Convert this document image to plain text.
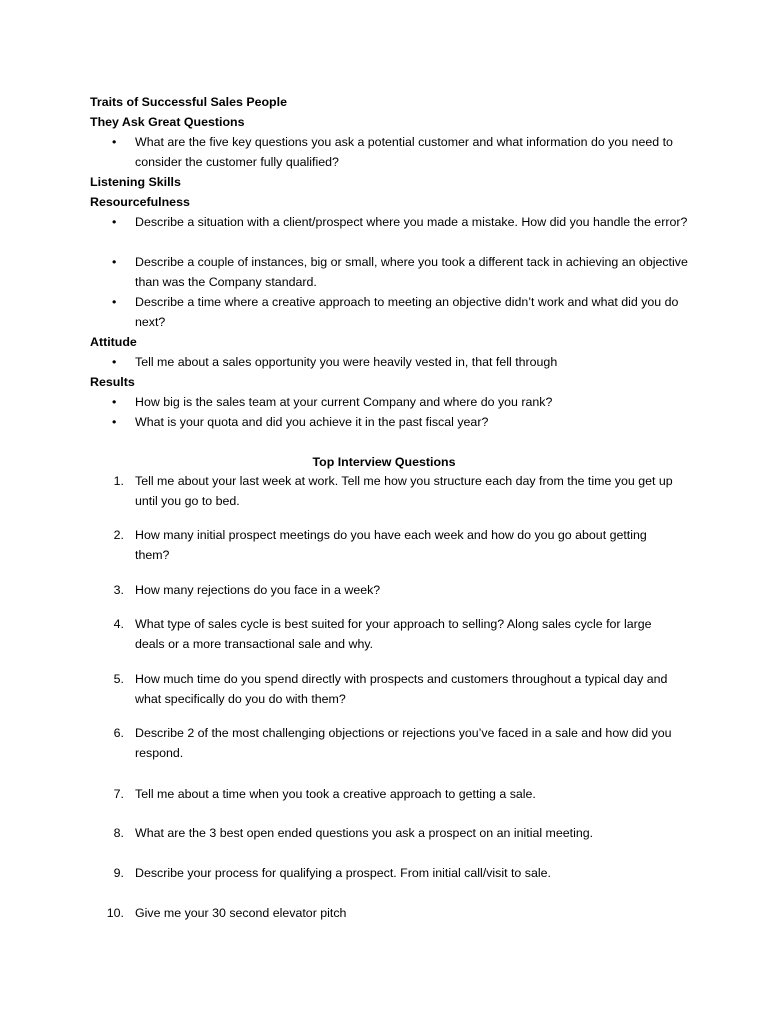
Traits of Successful Sales People
They Ask Great Questions
• What are the five key questions you ask a potential customer and what information do you need to consider the customer fully qualified?
Listening Skills
Resourcefulness
• Describe a situation with a client/prospect where you made a mistake. How did you handle the error?
• Describe a couple of instances, big or small, where you took a different tack in achieving an objective than was the Company standard.
• Describe a time where a creative approach to meeting an objective didn’t work and what did you do next?
Attitude
• Tell me about a sales opportunity you were heavily vested in, that fell through
Results
• How big is the sales team at your current Company and where do you rank?
• What is your quota and did you achieve it in the past fiscal year?
Top Interview Questions
1. Tell me about your last week at work. Tell me how you structure each day from the time you get up until you go to bed.
2. How many initial prospect meetings do you have each week and how do you go about getting them?
3. How many rejections do you face in a week?
4. What type of sales cycle is best suited for your approach to selling? Along sales cycle for large deals or a more transactional sale and why.
5. How much time do you spend directly with prospects and customers throughout a typical day and what specifically do you do with them?
6. Describe 2 of the most challenging objections or rejections you’ve faced in a sale and how did you respond.
7. Tell me about a time when you took a creative approach to getting a sale.
8. What are the 3 best open ended questions you ask a prospect on an initial meeting.
9. Describe your process for qualifying a prospect. From initial call/visit to sale.
10. Give me your 30 second elevator pitch
